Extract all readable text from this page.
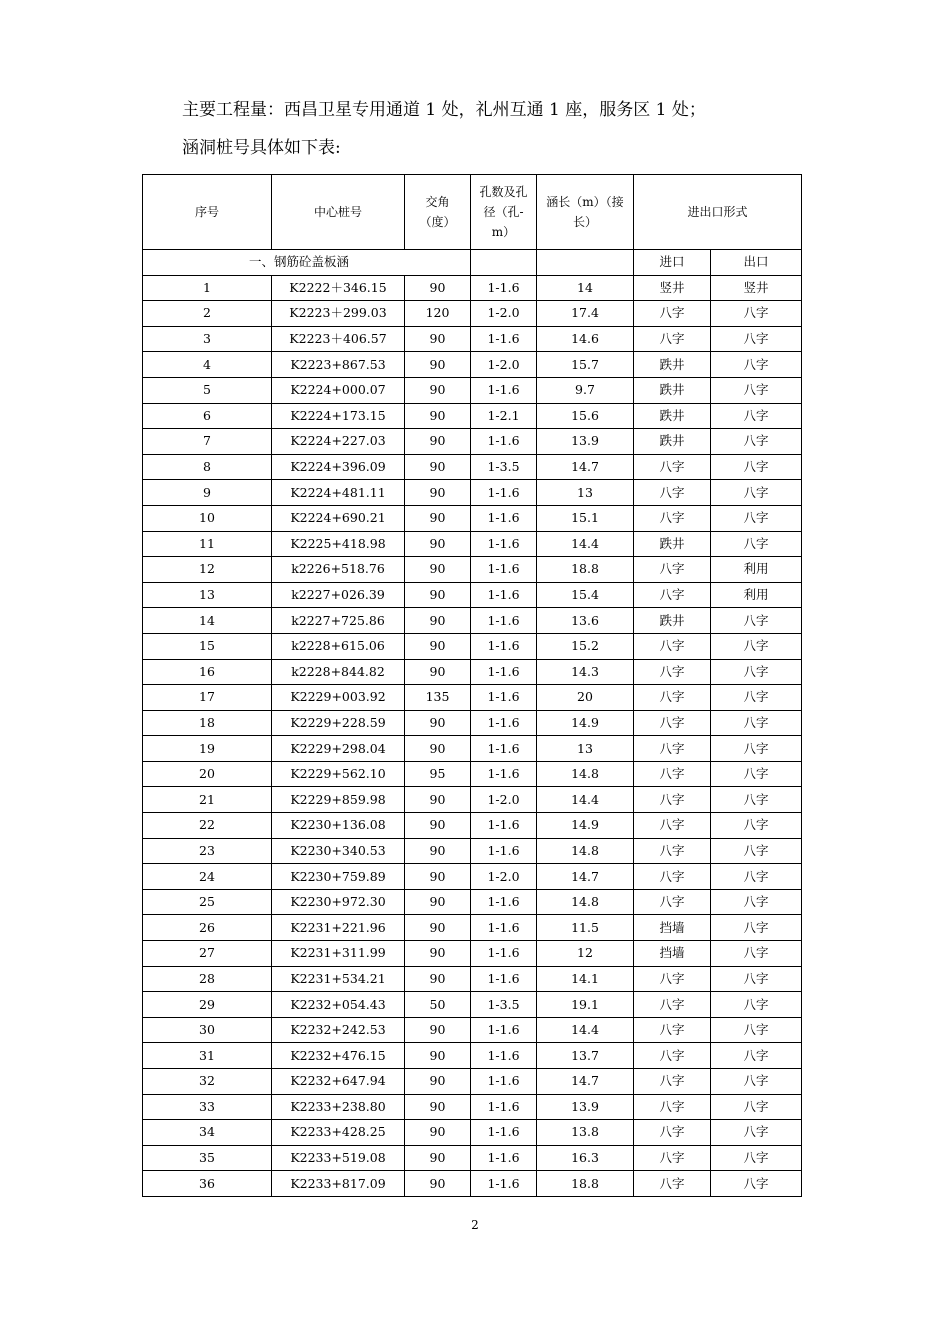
主要工程量：西昌卫星专用通道 1 处，礼州互通 1 座，服务区 1 处；
涵洞桩号具体如下表:
序号	中心桩号	交角（度）	孔数及孔径（孔-m）	涵长（m）（接长）	进出口形式	
一、钢筋砼盖板涵					进口	出口
1	K2222＋346.15	90	1-1.6	14	竖井	竖井
2	K2223＋299.03	120	1-2.0	17.4	八字	八字
3	K2223＋406.57	90	1-1.6	14.6	八字	八字
4	K2223+867.53	90	1-2.0	15.7	跌井	八字
5	K2224+000.07	90	1-1.6	9.7	跌井	八字
6	K2224+173.15	90	1-2.1	15.6	跌井	八字
7	K2224+227.03	90	1-1.6	13.9	跌井	八字
8	K2224+396.09	90	1-3.5	14.7	八字	八字
9	K2224+481.11	90	1-1.6	13	八字	八字
10	K2224+690.21	90	1-1.6	15.1	八字	八字
11	K2225+418.98	90	1-1.6	14.4	跌井	八字
12	k2226+518.76	90	1-1.6	18.8	八字	利用
13	k2227+026.39	90	1-1.6	15.4	八字	利用
14	k2227+725.86	90	1-1.6	13.6	跌井	八字
15	k2228+615.06	90	1-1.6	15.2	八字	八字
16	k2228+844.82	90	1-1.6	14.3	八字	八字
17	K2229+003.92	135	1-1.6	20	八字	八字
18	K2229+228.59	90	1-1.6	14.9	八字	八字
19	K2229+298.04	90	1-1.6	13	八字	八字
20	K2229+562.10	95	1-1.6	14.8	八字	八字
21	K2229+859.98	90	1-2.0	14.4	八字	八字
22	K2230+136.08	90	1-1.6	14.9	八字	八字
23	K2230+340.53	90	1-1.6	14.8	八字	八字
24	K2230+759.89	90	1-2.0	14.7	八字	八字
25	K2230+972.30	90	1-1.6	14.8	八字	八字
26	K2231+221.96	90	1-1.6	11.5	挡墙	八字
27	K2231+311.99	90	1-1.6	12	挡墙	八字
28	K2231+534.21	90	1-1.6	14.1	八字	八字
29	K2232+054.43	50	1-3.5	19.1	八字	八字
30	K2232+242.53	90	1-1.6	14.4	八字	八字
31	K2232+476.15	90	1-1.6	13.7	八字	八字
32	K2232+647.94	90	1-1.6	14.7	八字	八字
33	K2233+238.80	90	1-1.6	13.9	八字	八字
34	K2233+428.25	90	1-1.6	13.8	八字	八字
35	K2233+519.08	90	1-1.6	16.3	八字	八字
36	K2233+817.09	90	1-1.6	18.8	八字	八字
2
